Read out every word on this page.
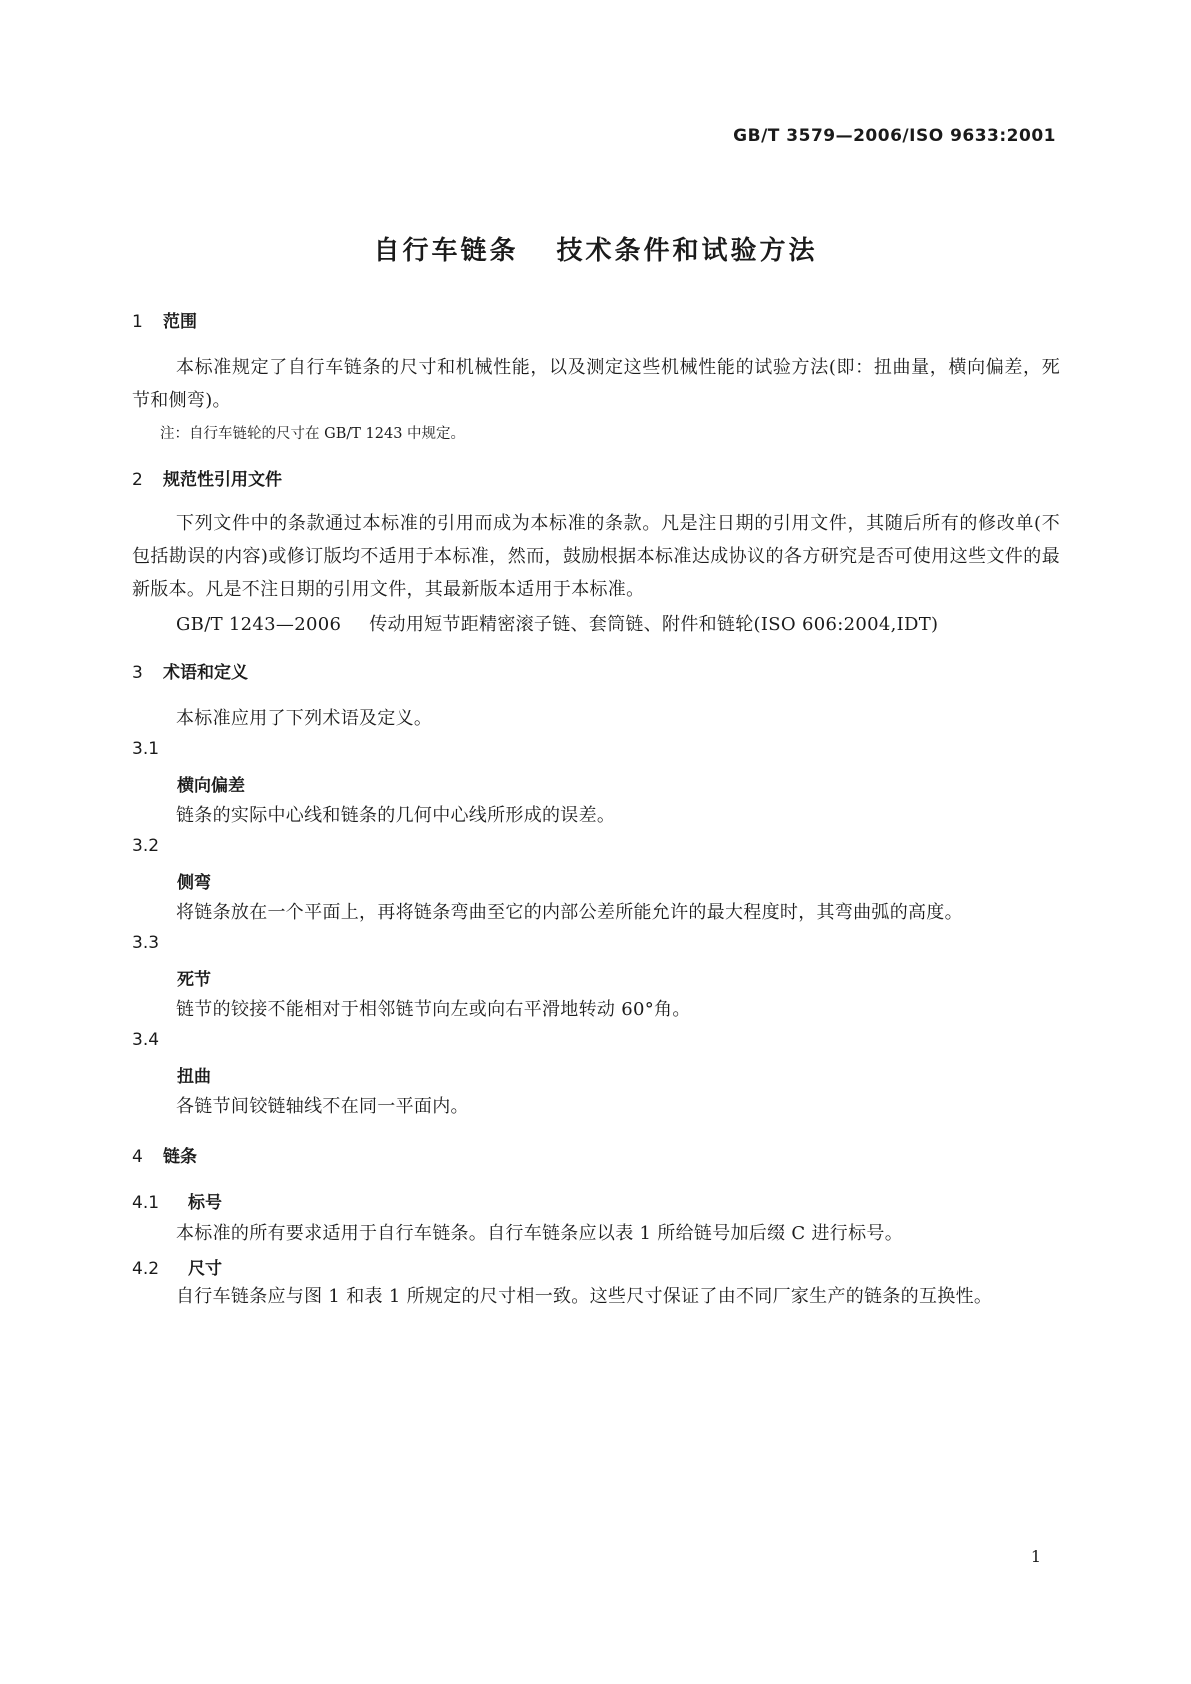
GB/T 3579—2006/ISO 9633:2001
自行车链条 技术条件和试验方法
1 范围
本标准规定了自行车链条的尺寸和机械性能，以及测定这些机械性能的试验方法(即：扭曲量，横向偏差，死节和侧弯)。
注：自行车链轮的尺寸在 GB/T 1243 中规定。
2 规范性引用文件
下列文件中的条款通过本标准的引用而成为本标准的条款。凡是注日期的引用文件，其随后所有的修改单(不包括勘误的内容)或修订版均不适用于本标准，然而，鼓励根据本标准达成协议的各方研究是否可使用这些文件的最新版本。凡是不注日期的引用文件，其最新版本适用于本标准。
GB/T 1243—2006 传动用短节距精密滚子链、套筒链、附件和链轮(ISO 606:2004,IDT)
3 术语和定义
本标准应用了下列术语及定义。
3.1
横向偏差
链条的实际中心线和链条的几何中心线所形成的误差。
3.2
侧弯
将链条放在一个平面上，再将链条弯曲至它的内部公差所能允许的最大程度时，其弯曲弧的高度。
3.3
死节
链节的铰接不能相对于相邻链节向左或向右平滑地转动 60°角。
3.4
扭曲
各链节间铰链轴线不在同一平面内。
4 链条
4.1 标号
本标准的所有要求适用于自行车链条。自行车链条应以表 1 所给链号加后缀 C 进行标号。
4.2 尺寸
自行车链条应与图 1 和表 1 所规定的尺寸相一致。这些尺寸保证了由不同厂家生产的链条的互换性。
1
